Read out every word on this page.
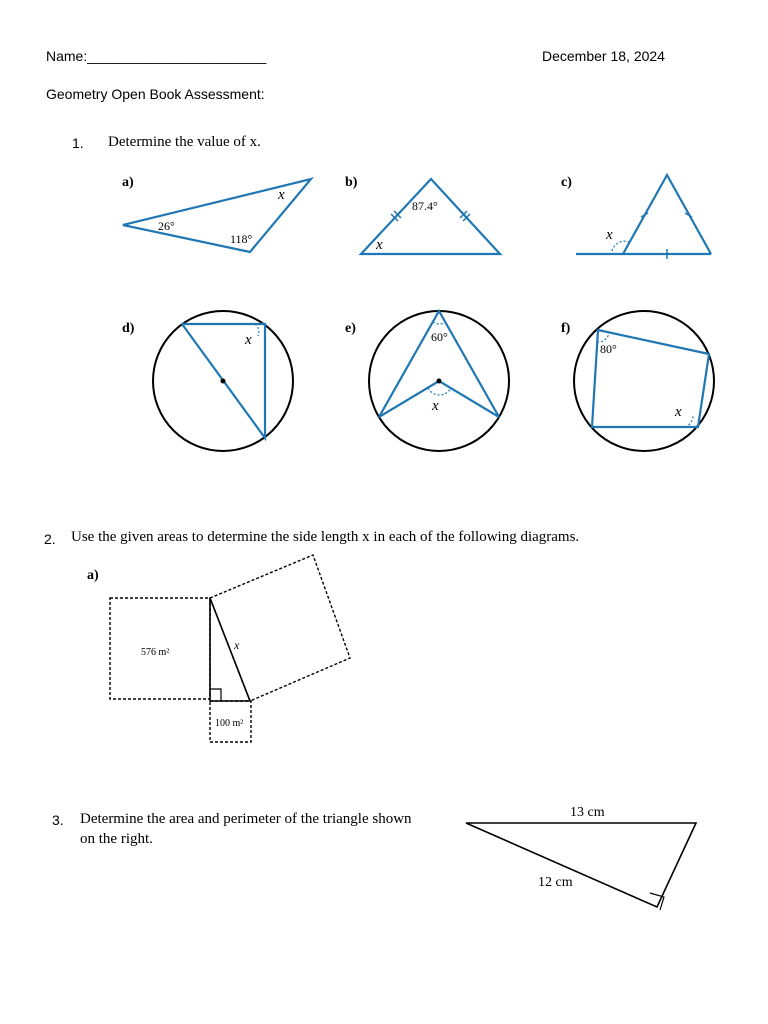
Name:_______________________	December 18, 2024
Geometry Open Book Assessment:
1. Determine the value of x.
2. Use the given areas to determine the side length x in each of the following diagrams.
3. Determine the area and perimeter of the triangle shown
on the right.
a)
x
26°
118°
b)
87.4°
x
c)
x
d)
x
e)
60°
x
f)
80°
x
a)
576 m²
100 m²
x
13 cm
12 cm
